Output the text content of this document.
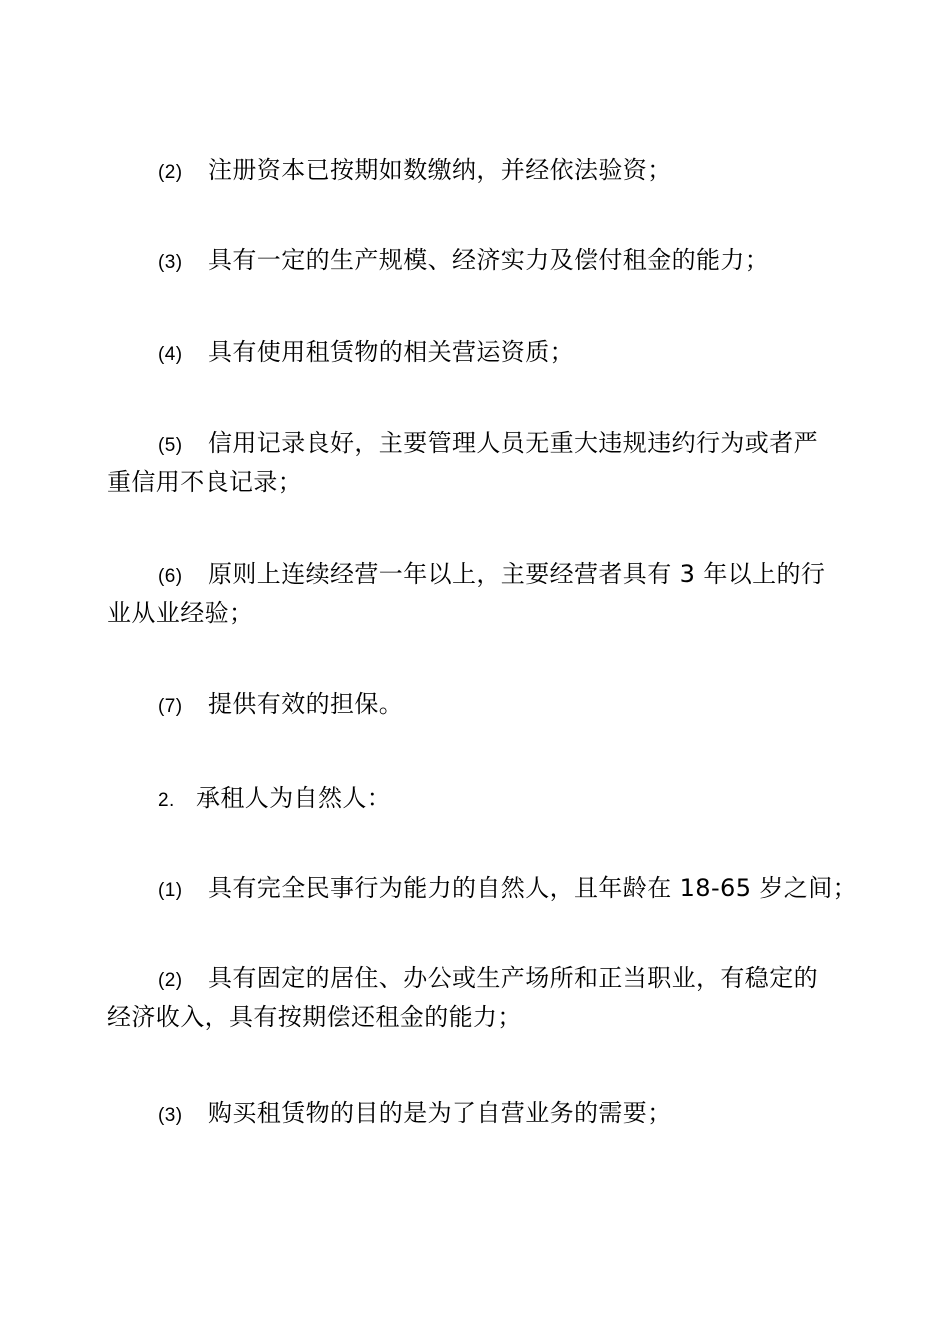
(2) 注册资本已按期如数缴纳，并经依法验资；
(3) 具有一定的生产规模、经济实力及偿付租金的能力；
(4) 具有使用租赁物的相关营运资质；
(5) 信用记录良好，主要管理人员无重大违规违约行为或者严
重信用不良记录；
(6) 原则上连续经营一年以上，主要经营者具有 3 年以上的行
业从业经验；
(7) 提供有效的担保。
2. 承租人为自然人：
(1) 具有完全民事行为能力的自然人，且年龄在 18-65 岁之间；
(2) 具有固定的居住、办公或生产场所和正当职业，有稳定的
经济收入，具有按期偿还租金的能力；
(3) 购买租赁物的目的是为了自营业务的需要；
